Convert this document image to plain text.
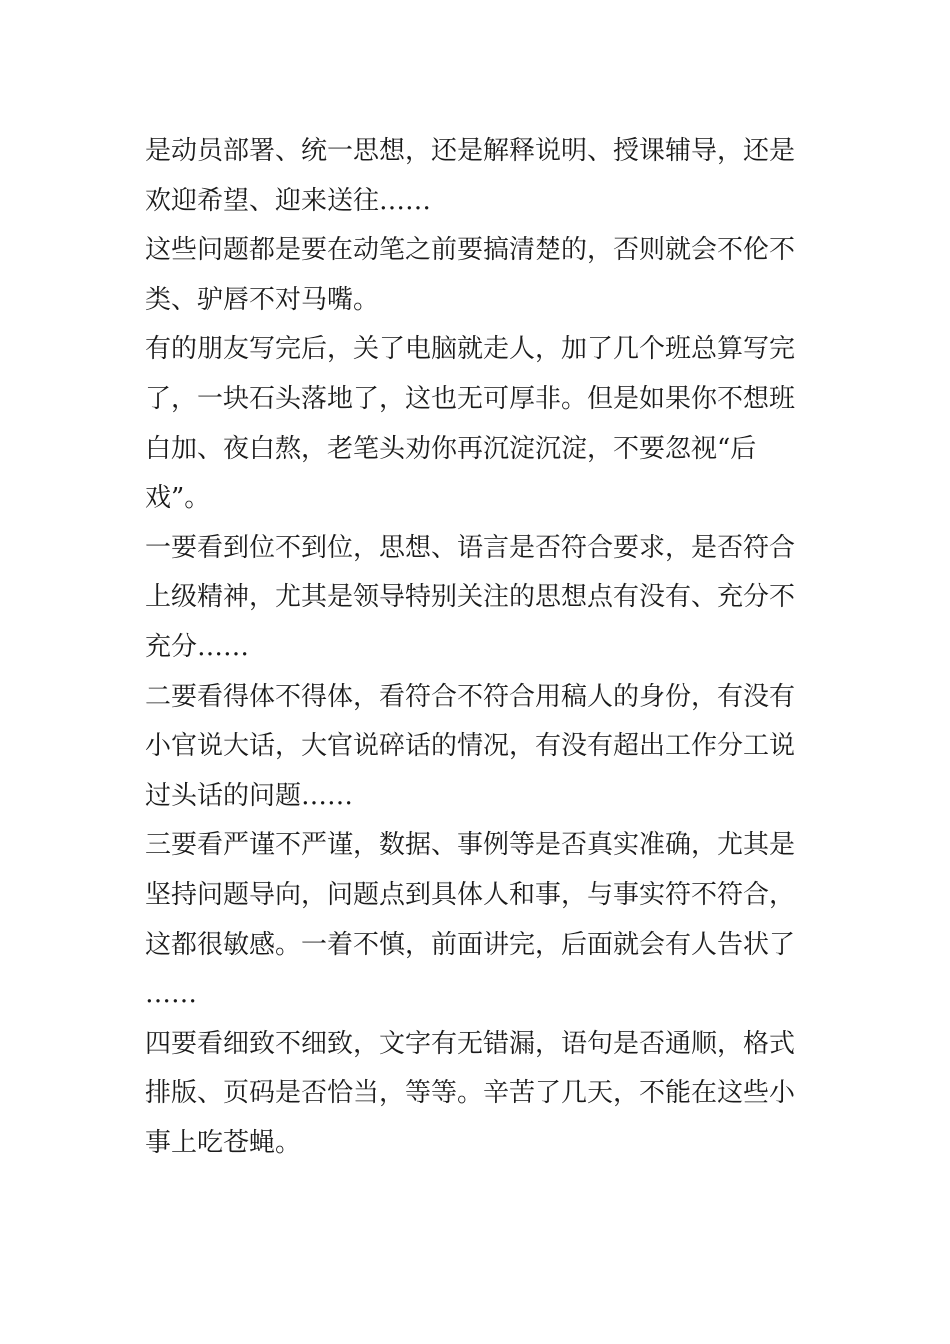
是动员部署、统一思想，还是解释说明、授课辅导，还是
欢迎希望、迎来送往……

这些问题都是要在动笔之前要搞清楚的，否则就会不伦不
类、驴唇不对马嘴。

有的朋友写完后，关了电脑就走人，加了几个班总算写完
了，一块石头落地了，这也无可厚非。但是如果你不想班
白加、夜白熬，老笔头劝你再沉淀沉淀，不要忽视“后
戏”。

一要看到位不到位，思想、语言是否符合要求，是否符合
上级精神，尤其是领导特别关注的思想点有没有、充分不
充分……

二要看得体不得体，看符合不符合用稿人的身份，有没有
小官说大话，大官说碎话的情况，有没有超出工作分工说
过头话的问题……

三要看严谨不严谨，数据、事例等是否真实准确，尤其是
坚持问题导向，问题点到具体人和事，与事实符不符合，
这都很敏感。一着不慎，前面讲完，后面就会有人告状了
……

四要看细致不细致，文字有无错漏，语句是否通顺，格式
排版、页码是否恰当，等等。辛苦了几天，不能在这些小
事上吃苍蝇。
